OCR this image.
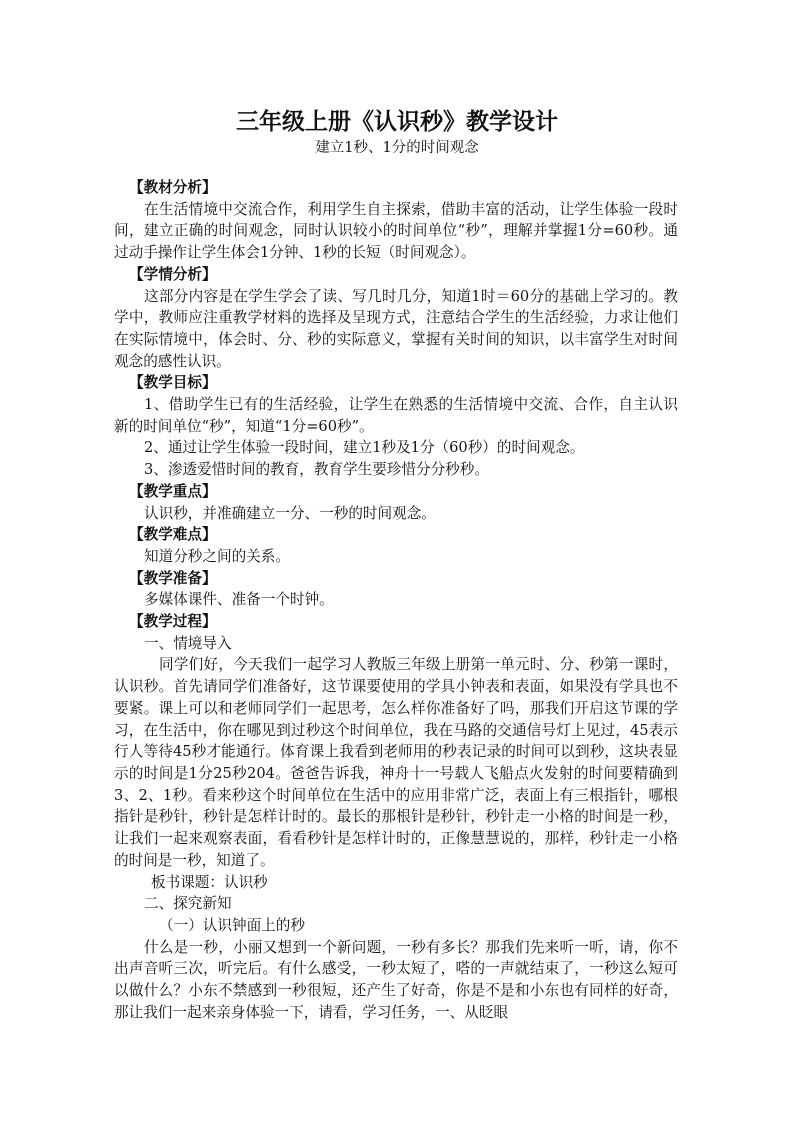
三年级上册《认识秒》教学设计
建立1秒、1分的时间观念
【教材分析】
在生活情境中交流合作，利用学生自主探索，借助丰富的活动，让学生体验一段时间，建立正确的时间观念，同时认识较小的时间单位“秒”，理解并掌握1分=60秒。通过动手操作让学生体会1分钟、1秒的长短（时间观念）。
【学情分析】
这部分内容是在学生学会了读、写几时几分，知道1时＝60分的基础上学习的。教学中，教师应注重教学材料的选择及呈现方式，注意结合学生的生活经验，力求让他们在实际情境中，体会时、分、秒的实际意义，掌握有关时间的知识，以丰富学生对时间观念的感性认识。
【教学目标】
1、借助学生已有的生活经验，让学生在熟悉的生活情境中交流、合作，自主认识新的时间单位“秒”，知道“1分=60秒”。
2、通过让学生体验一段时间，建立1秒及1分（60秒）的时间观念。
3、渗透爱惜时间的教育，教育学生要珍惜分分秒秒。
【教学重点】
认识秒，并准确建立一分、一秒的时间观念。
【教学难点】
知道分秒之间的关系。
【教学准备】
多媒体课件、准备一个时钟。
【教学过程】
一、情境导入
同学们好，今天我们一起学习人教版三年级上册第一单元时、分、秒第一课时，认识秒。首先请同学们准备好，这节课要使用的学具小钟表和表面，如果没有学具也不要紧。课上可以和老师同学们一起思考，怎么样你准备好了吗，那我们开启这节课的学习，在生活中，你在哪见到过秒这个时间单位，我在马路的交通信号灯上见过，45表示行人等待45秒才能通行。体育课上我看到老师用的秒表记录的时间可以到秒，这块表显示的时间是1分25秒204。爸爸告诉我，神舟十一号载人飞船点火发射的时间要精确到3、2、1秒。看来秒这个时间单位在生活中的应用非常广泛，表面上有三根指针，哪根指针是秒针，秒针是怎样计时的。最长的那根针是秒针，秒针走一小格的时间是一秒，让我们一起来观察表面，看看秒针是怎样计时的，正像慧慧说的，那样，秒针走一小格的时间是一秒，知道了。
板书课题：认识秒
二、探究新知
（一）认识钟面上的秒
什么是一秒，小丽又想到一个新问题，一秒有多长？那我们先来听一听，请，你不出声音听三次，听完后。有什么感受，一秒太短了，嗒的一声就结束了，一秒这么短可以做什么？小东不禁感到一秒很短，还产生了好奇，你是不是和小东也有同样的好奇，那让我们一起来亲身体验一下，请看，学习任务，一、从眨眼
